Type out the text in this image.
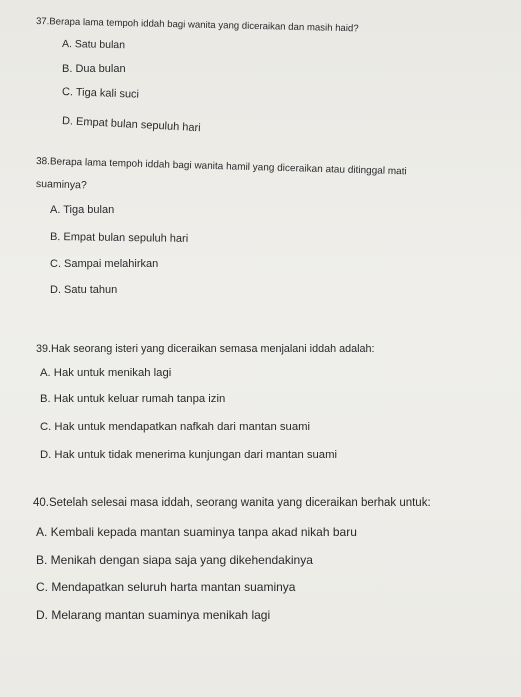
37.Berapa lama tempoh iddah bagi wanita yang diceraikan dan masih haid?
A. Satu bulan
B. Dua bulan
C. Tiga kali suci
D. Empat bulan sepuluh hari
38.Berapa lama tempoh iddah bagi wanita hamil yang diceraikan atau ditinggal mati
suaminya?
A. Tiga bulan
B. Empat bulan sepuluh hari
C. Sampai melahirkan
D. Satu tahun
39.Hak seorang isteri yang diceraikan semasa menjalani iddah adalah:
A. Hak untuk menikah lagi
B. Hak untuk keluar rumah tanpa izin
C. Hak untuk mendapatkan nafkah dari mantan suami
D. Hak untuk tidak menerima kunjungan dari mantan suami
40.Setelah selesai masa iddah, seorang wanita yang diceraikan berhak untuk:
A. Kembali kepada mantan suaminya tanpa akad nikah baru
B. Menikah dengan siapa saja yang dikehendakinya
C. Mendapatkan seluruh harta mantan suaminya
D. Melarang mantan suaminya menikah lagi
